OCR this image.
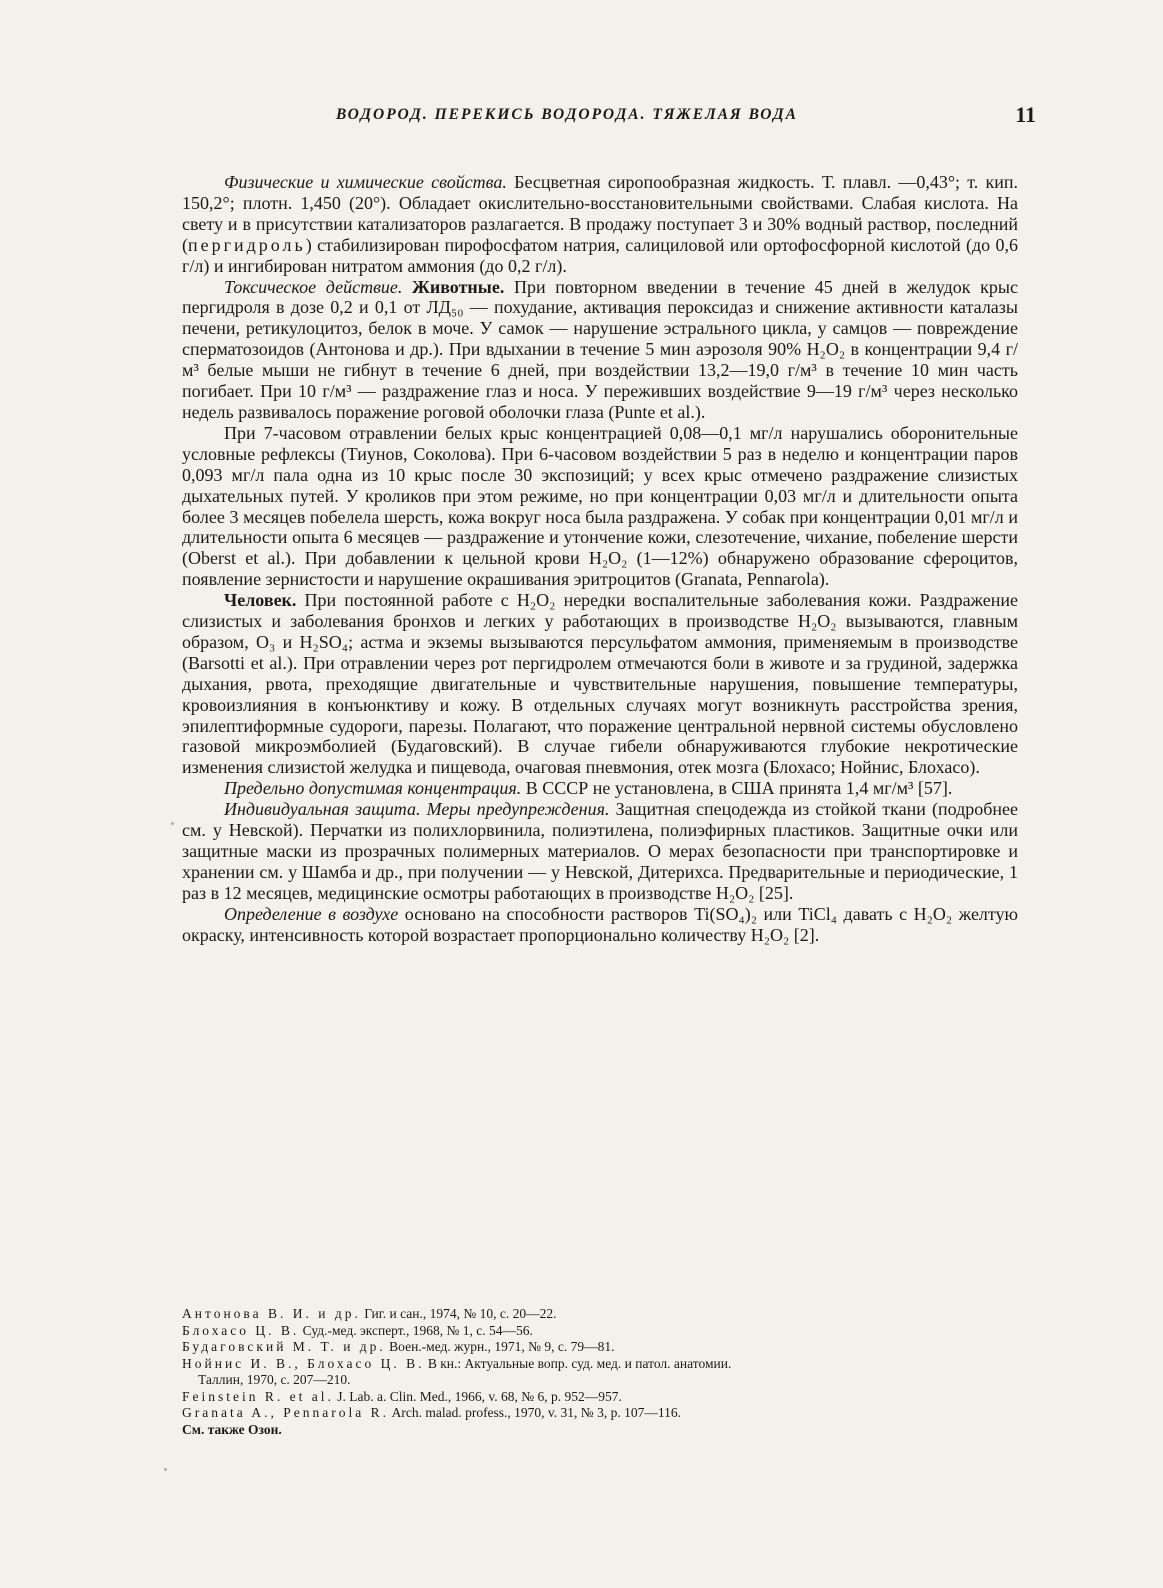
ВОДОРОД. ПЕРЕКИСЬ ВОДОРОДА. ТЯЖЕЛАЯ ВОДА	11

Физические и химические свойства. Бесцветная сиропообразная жидкость. Т. плавл. —0,43°; т. кип. 150,2°; плотн. 1,450 (20°). Обладает окислительно-восстановительными свойствами. Слабая кислота. На свету и в присутствии катализаторов разлагается. В продажу поступает 3 и 30% водный раствор, последний (пергидроль) стабилизирован пирофосфатом натрия, салициловой или ортофосфорной кислотой (до 0,6 г/л) и ингибирован нитратом аммония (до 0,2 г/л).

Токсическое действие. Животные. При повторном введении в течение 45 дней в желудок крыс пергидроля в дозе 0,2 и 0,1 от ЛД₅₀ — похудание, активация пероксидаз и снижение активности каталазы печени, ретикулоцитоз, белок в моче. У самок — нарушение эстрального цикла, у самцов — повреждение сперматозоидов (Антонова и др.). При вдыхании в течение 5 мин аэрозоля 90% H₂O₂ в концентрации 9,4 г/м³ белые мыши не гибнут в течение 6 дней, при воздействии 13,2—19,0 г/м³ в течение 10 мин часть погибает. При 10 г/м³ — раздражение глаз и носа. У переживших воздействие 9—19 г/м³ через несколько недель развивалось поражение роговой оболочки глаза (Punte et al.).

При 7-часовом отравлении белых крыс концентрацией 0,08—0,1 мг/л нарушались оборонительные условные рефлексы (Тиунов, Соколова). При 6-часовом воздействии 5 раз в неделю и концентрации паров 0,093 мг/л пала одна из 10 крыс после 30 экспозиций; у всех крыс отмечено раздражение слизистых дыхательных путей. У кроликов при этом режиме, но при концентрации 0,03 мг/л и длительности опыта более 3 месяцев побелела шерсть, кожа вокруг носа была раздражена. У собак при концентрации 0,01 мг/л и длительности опыта 6 месяцев — раздражение и утончение кожи, слезотечение, чихание, побеление шерсти (Oberst et al.). При добавлении к цельной крови H₂O₂ (1—12%) обнаружено образование сфероцитов, появление зернистости и нарушение окрашивания эритроцитов (Granata, Pennarola).

Человек. При постоянной работе с H₂O₂ нередки воспалительные заболевания кожи. Раздражение слизистых и заболевания бронхов и легких у работающих в производстве H₂O₂ вызываются, главным образом, O₃ и H₂SO₄; астма и экземы вызываются персульфатом аммония, применяемым в производстве (Barsotti et al.). При отравлении через рот пергидролем отмечаются боли в животе и за грудиной, задержка дыхания, рвота, преходящие двигательные и чувствительные нарушения, повышение температуры, кровоизлияния в конъюнктиву и кожу. В отдельных случаях могут возникнуть расстройства зрения, эпилептиформные судороги, парезы. Полагают, что поражение центральной нервной системы обусловлено газовой микроэмболией (Будаговский). В случае гибели обнаруживаются глубокие некротические изменения слизистой желудка и пищевода, очаговая пневмония, отек мозга (Блохасо; Нойнис, Блохасо).

Предельно допустимая концентрация. В СССР не установлена, в США принята 1,4 мг/м³ [57].

Индивидуальная защита. Меры предупреждения. Защитная спецодежда из стойкой ткани (подробнее см. у Невской). Перчатки из полихлорвинила, полиэтилена, полиэфирных пластиков. Защитные очки или защитные маски из прозрачных полимерных материалов. О мерах безопасности при транспортировке и хранении см. у Шамба и др., при получении — у Невской, Дитерихса. Предварительные и периодические, 1 раз в 12 месяцев, медицинские осмотры работающих в производстве H₂O₂ [25].

Определение в воздухе основано на способности растворов Ti(SO₄)₂ или TiCl₄ давать с H₂O₂ желтую окраску, интенсивность которой возрастает пропорционально количеству H₂O₂ [2].

Антонова В. И. и др. Гиг. и сан., 1974, № 10, с. 20—22.

Блохасо Ц. В. Суд.-мед. эксперт., 1968, № 1, с. 54—56.

Будаговский М. Т. и др. Воен.-мед. журн., 1971, № 9, с. 79—81.

Нойнис И. В., Блохасо Ц. В. В кн.: Актуальные вопр. суд. мед. и патол. анатомии.
Таллин, 1970, с. 207—210.

Feinstein R. et al. J. Lab. a. Clin. Med., 1966, v. 68, № 6, p. 952—957.

Granata A., Pennarola R. Arch. malad. profess., 1970, v. 31, № 3, p. 107—116.

См. также Озон.
